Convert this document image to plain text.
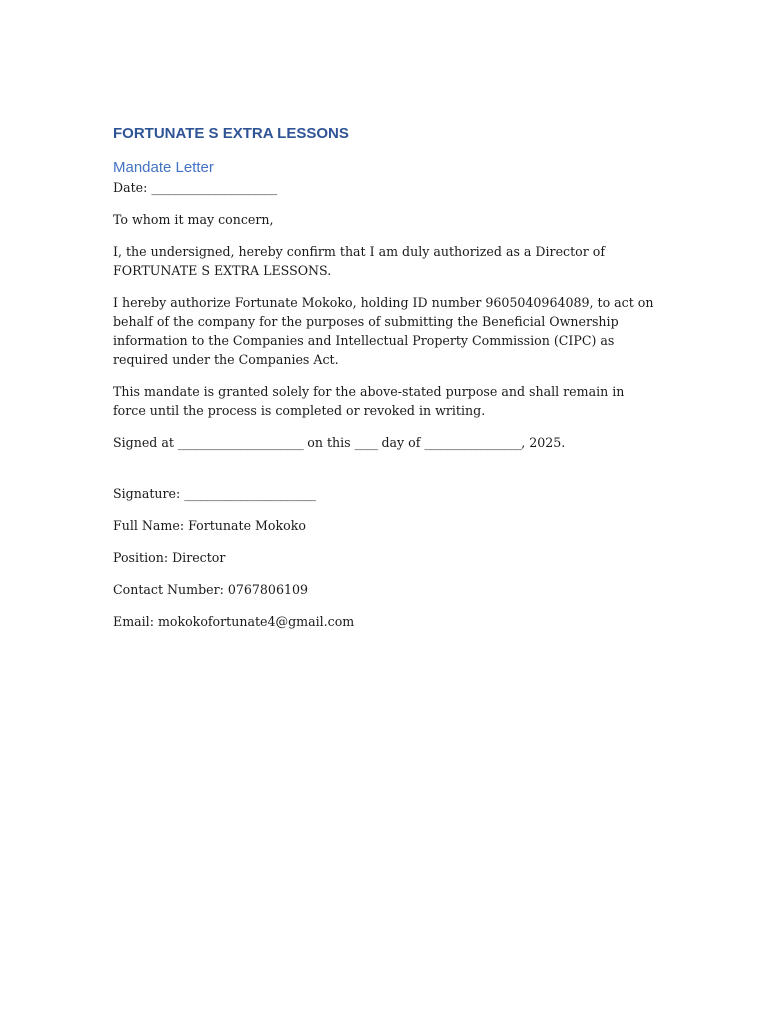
FORTUNATE S EXTRA LESSONS
Mandate Letter
Date: ______________________
To whom it may concern,
I, the undersigned, hereby confirm that I am duly authorized as a Director of FORTUNATE S EXTRA LESSONS.
I hereby authorize Fortunate Mokoko, holding ID number 9605040964089, to act on behalf of the company for the purposes of submitting the Beneficial Ownership information to the Companies and Intellectual Property Commission (CIPC) as required under the Companies Act.
This mandate is granted solely for the above-stated purpose and shall remain in force until the process is completed or revoked in writing.
Signed at ______________________ on this ____ day of _________________, 2025.
Signature: _______________________
Full Name: Fortunate Mokoko
Position: Director
Contact Number: 0767806109
Email: mokokofortunate4@gmail.com
